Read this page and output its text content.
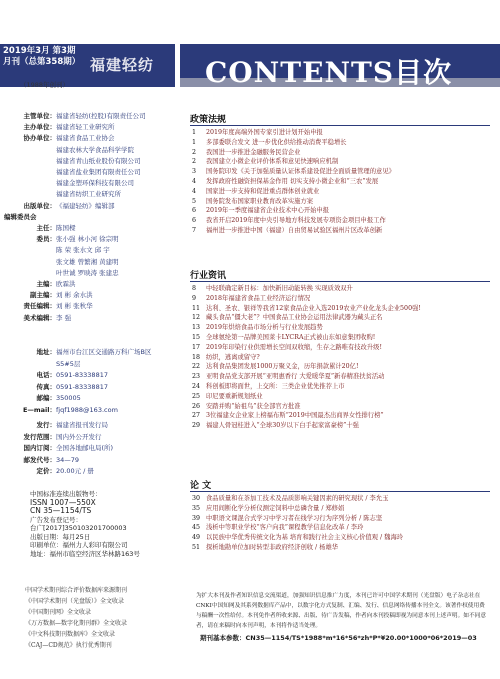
2019年3月 第3期
月刊（总第358期） 福建轻纺
（1988年创刊）	CONTENTS目次
主管单位：福建省轻纺(控股)有限责任公司
主办单位：福建省轻工业研究所
协办单位：福建省食品工业协会
福建农林大学食品科学学院
福建省青山纸业股份有限公司
福建省盐业集团有限责任公司
福建金塑环保科技有限公司
福建省纺织工业研究所
出版单位：《福建轻纺》编辑部
编辑委员会
主任：陈国樑
委员：张小强 林小河 徐宗明
陈 荣 张水文 邱 宇
张文雄 曾繁湘 黄建明
叶世诚 罗映涛 张建忠
主编：欧霖洪
副主编：刘 彬 余水洪
责任编辑：刘 彬 张秋华
美术编辑：李 强
地址：福州市台江区交通路万科广场B区
S5#5层
电话：0591-83338817
传真：0591-83338817
邮编：350005
E—mail：fjqf1988@163.com
发行：福建省报刊发行局
发行范围：国内外公开发行
国内订阅：全国各地邮电局(所)
邮发代号：34—79
定价：20.00元 / 册
中国标准连续出版物号：
ISSN 1007—550X
CN 35—1154/TS
广告发布登记号：
台广[2017]350103201700003
出版日期：每月25日
印刷单位：福州力人彩印有限公司
地址：福州市临空经济区华林路163号
中国学术期刊综合评价数据库来源期刊
《中国学术期刊（光盘版）》全文收录
《中国期刊网》全文收录
《万方数据—数字化期刊群》全文收录
《中文科技期刊数据库》全文收录
《CAJ—CD规范》执行优秀期刊
政策法规
1 2019年度高端外国专家引进计划开始申报
1 多部委联合发文 进一步优化供给推动消费平稳增长
2 我国进一步推进金融服务民营企业
2 我国建立小微企业评价体系和意见快速响应机制
3 国务院印发《关于加强质量认证体系建设促进全面质量管理的意见》
4 发挥政府性融资担保基金作用 切实支持小微企业和“三农”发展
4 国家进一步支持和促进重点群体创业就业
5 国务院发布国家职业教育改革实施方案
6 2019年一季度福建省企业技术中心开始申报
6 我省开启2019年度中央引导地方科技发展专项资金项目申报工作
7 福州进一步推进中国（福建）自由贸易试验区福州片区改革创新
行业资讯
8 中轻联确定新目标：加快新旧动能转换 实现质效双升
9 2018年福建省食品工业经济运行情况
11 达利、圣农、银祥等我省12家食品企业入选2019农业产业化龙头企业500强!
12 藏头食品“僵大老”？中国食品工业协会运用法律武器为藏头正名
13 2019年烘焙食品市场分析与行业发展趋势
15 全球氨纶第一品牌美国莱卡LYCRA正式被山东如意集团收购!
17 2019年印染行业供需增长空间双收缩，生存之路唯有技改升级!
18 纺织，逃离或留守?
22 达利食品集团发展1000万聚义金，历年捐款累计20亿!
23 亚明食品党支部开展“亚明惠香行 大爱暖华夏”新春精准扶贫活动
24 科创板即将面世，上交所：三类企业优先推荐上市
25 印尼要重新规划纸业
26 安踏并购“始祖鸟”获全部官方批准
27 3位福建女企业家上榜福布斯“2019中国最杰出商界女性排行榜”
29 福建人骨冠桂进入“全球30岁以下白手起家富豪榜”十强
论 文
30 食品质量和在茶加工技术及品质影响关键因素的研究现状 / 李允玉
35 应用间断化学分析仪测定饲料中总磷含量 / 郑修娟
39 中职语文课混合式学习中学习者在线学习行为序列分析 / 陈志坚
45 浅析中等职业学校“客户向我”课程教学信息化改革 / 李玲
49 以民族中华优秀传统文化为基 培育和践行社会主义核心价值观 / 魏海玲
51 探析地勘单位加时转型非政府经济创收 / 杨雄华
为扩大本刊及作者知识信息交流渠道，加强知识信息推广力度，本刊已许可中国学术期刊（光盘版）电子杂志社在CNKI中国知网及其系列数据库产品中，以数字化方式复制、汇编、发行、信息网络传播本刊全文。该著作权使用费与稿酬一次性给付。本刊免作者所收来源、出版、待广告发稿，作者向本刊投稿即视为同意本刊上述声明。如不同意者，请在来稿时向本刊声明，本刊将作适当处理。
期刊基本参数：CN35—1154/TS*1988*m*16*56*zh*P*¥20.00*1000*06*2019—03
